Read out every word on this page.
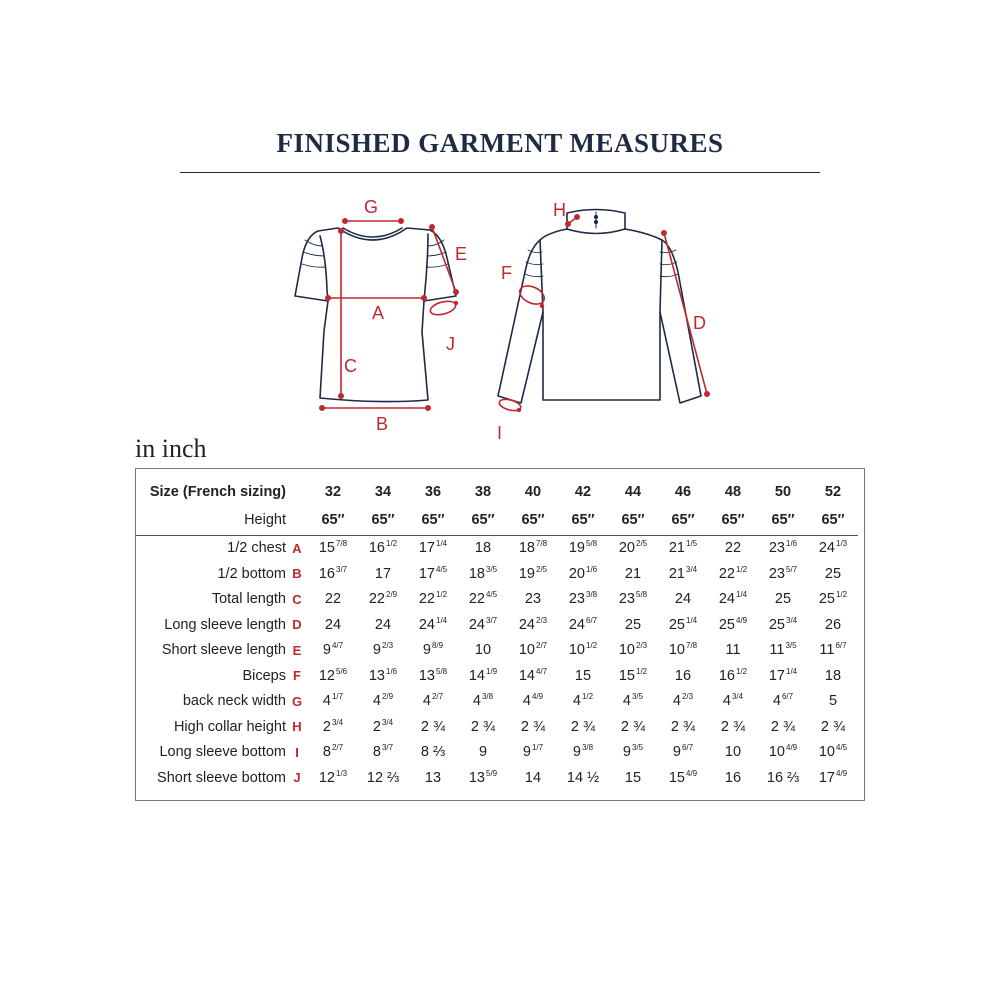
FINISHED GARMENT MEASURES
G
A
C
B
E
J
H
F
D
I
in inch
Size (French sizing)		32	34	36	38	40	42	44	46	48	50	52
Height		65″	65″	65″	65″	65″	65″	65″	65″	65″	65″	65″
1/2 chest	A	$15^{7/8}$	$16^{1/2}$	$17^{1/4}$	18	$18^{7/8}$	$19^{5/8}$	$20^{2/5}$	$21^{1/5}$	22	$23^{1/6}$	$24^{1/3}$
1/2 bottom	B	$16^{3/7}$	17	$17^{4/5}$	$18^{3/5}$	$19^{2/5}$	$20^{1/6}$	21	$21^{3/4}$	$22^{1/2}$	$23^{5/7}$	25
Total length	C	22	$22^{2/9}$	$22^{1/2}$	$22^{4/5}$	23	$23^{3/8}$	$23^{5/8}$	24	$24^{1/4}$	25	$25^{1/2}$
Long sleeve length	D	24	24	$24^{1/4}$	$24^{3/7}$	$24^{2/3}$	$24^{6/7}$	25	$25^{1/4}$	$25^{4/9}$	$25^{3/4}$	26
Short sleeve length	E	$9^{4/7}$	$9^{2/3}$	$9^{8/9}$	10	$10^{2/7}$	$10^{1/2}$	$10^{2/3}$	$10^{7/8}$	11	$11^{3/5}$	$11^{6/7}$
Biceps	F	$12^{5/6}$	$13^{1/6}$	$13^{5/8}$	$14^{1/9}$	$14^{4/7}$	15	$15^{1/2}$	16	$16^{1/2}$	$17^{1/4}$	18
back neck width	G	$4^{1/7}$	$4^{2/9}$	$4^{2/7}$	$4^{3/8}$	$4^{4/9}$	$4^{1/2}$	$4^{3/5}$	$4^{2/3}$	$4^{3/4}$	$4^{6/7}$	5
High collar height	H	$2^{3/4}$	$2^{3/4}$	2 ¾	2 ¾	2 ¾	2 ¾	2 ¾	2 ¾	2 ¾	2 ¾	2 ¾
Long sleeve bottom	I	$8^{2/7}$	$8^{3/7}$	8 ⅔	9	$9^{1/7}$	$9^{3/8}$	$9^{3/5}$	$9^{6/7}$	10	$10^{4/9}$	$10^{4/5}$
Short sleeve bottom	J	$12^{1/3}$	12 ⅔	13	$13^{5/9}$	14	14 ½	15	$15^{4/9}$	16	16 ⅔	$17^{4/9}$
